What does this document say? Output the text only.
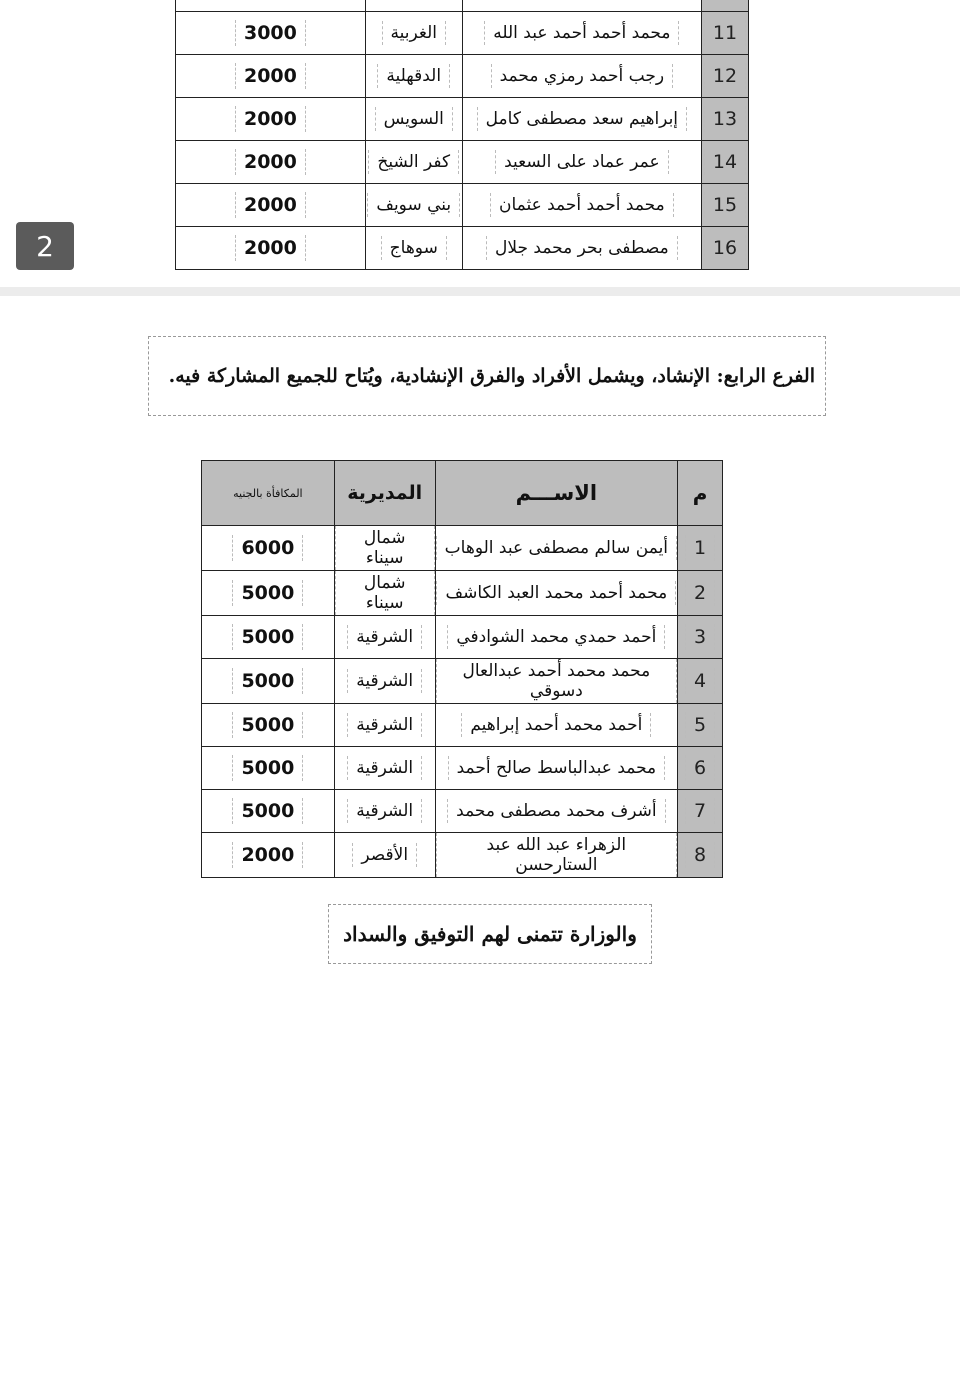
2

11	محمد أحمد أحمد عبد الله	الغربية	3000
12	رجب أحمد رمزي محمد	الدقهلية	2000
13	إبراهيم سعد مصطفى كامل	السويس	2000
14	عمر عماد على السعيد	كفر الشيخ	2000
15	محمد أحمد أحمد عثمان	بني سويف	2000
16	مصطفى بحر محمد جلال	سوهاج	2000
الفرع الرابع: الإنشاد، ويشمل الأفراد والفرق الإنشادية، ويُتاح للجميع المشاركة فيه.
م	الاســـم	المديرية	المكافأة بالجنيه
1	أيمن سالم مصطفى عبد الوهاب	شمال سيناء	6000
2	محمد أحمد محمد العبد الكاشف	شمال سيناء	5000
3	أحمد حمدي محمد الشوادفي	الشرقية	5000
4	محمد محمد أحمد عبدالعال دسوقي	الشرقية	5000
5	أحمد محمد أحمد إبراهيم	الشرقية	5000
6	محمد عبدالباسط صالح أحمد	الشرقية	5000
7	أشرف محمد مصطفى محمد	الشرقية	5000
8	الزهراء عبد الله عبد الستارحسن	الأقصر	2000
والوزارة تتمنى لهم التوفيق والسداد
